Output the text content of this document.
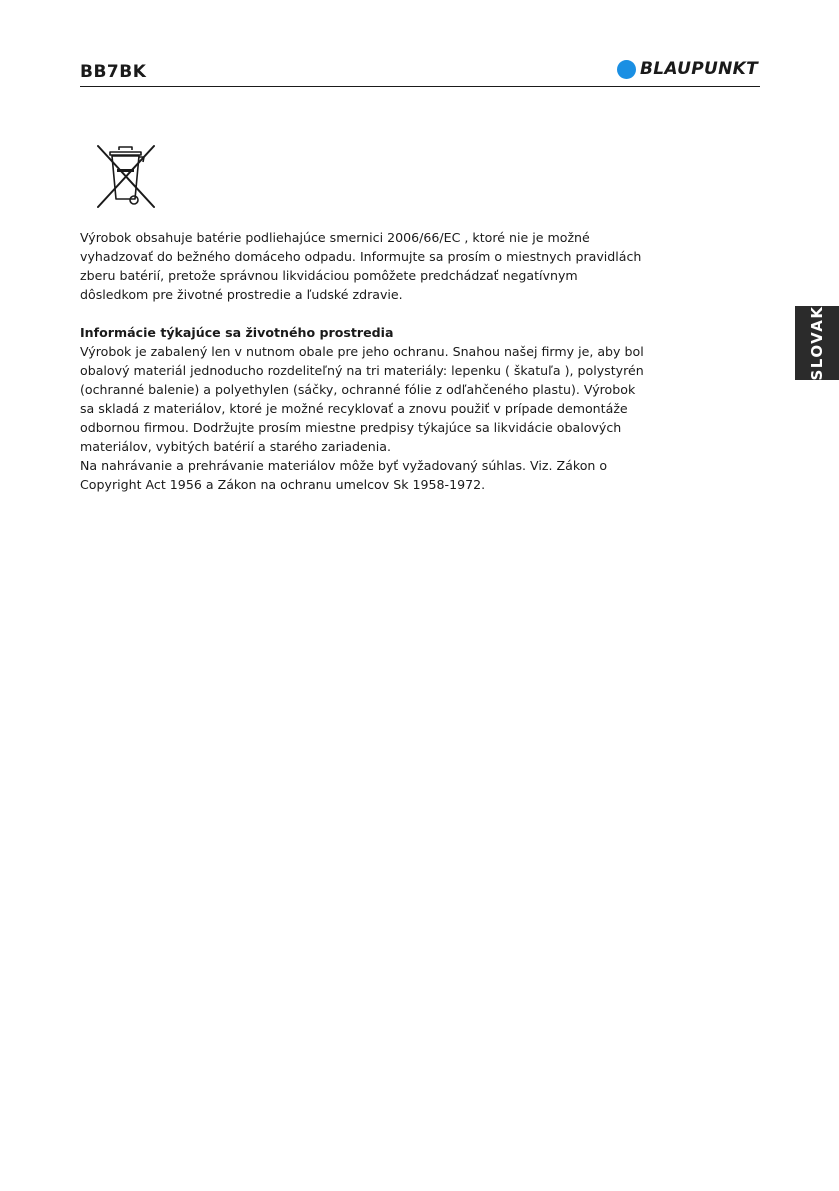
BB7BK	BLAUPUNKT
Výrobok obsahuje batérie podliehajúce smernici 2006/66/EC , ktoré nie je možné
vyhadzovať do bežného domáceho odpadu. Informujte sa prosím o miestnych pravidlách
zberu batérií, pretože správnou likvidáciou pomôžete predchádzať negatívnym
dôsledkom pre životné prostredie a ľudské zdravie.
Informácie týkajúce sa životného prostredia
Výrobok je zabalený len v nutnom obale pre jeho ochranu. Snahou našej firmy je, aby bol
obalový materiál jednoducho rozdeliteľný na tri materiály: lepenku ( škatuľa ), polystyrén
(ochranné balenie) a polyethylen (sáčky, ochranné fólie z odľahčeného plastu). Výrobok
sa skladá z materiálov, ktoré je možné recyklovať a znovu použiť v prípade demontáže
odbornou firmou. Dodržujte prosím miestne predpisy týkajúce sa likvidácie obalových
materiálov, vybitých batérií a starého zariadenia.
Na nahrávanie a prehrávanie materiálov môže byť vyžadovaný súhlas. Viz. Zákon o
Copyright Act 1956 a Zákon na ochranu umelcov Sk 1958-1972.
SLOVAK
